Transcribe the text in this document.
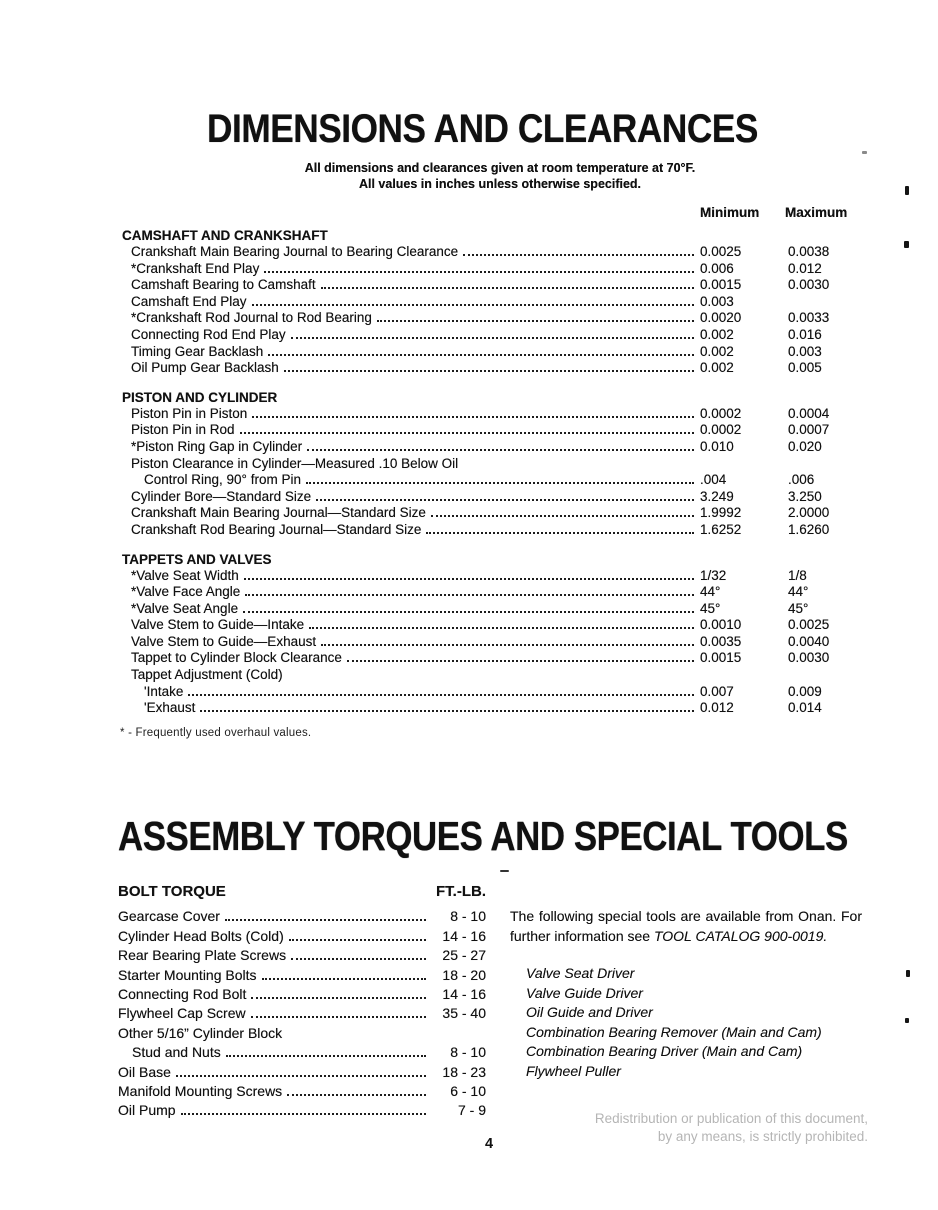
DIMENSIONS AND CLEARANCES
All dimensions and clearances given at room temperature at 70°F.
All values in inches unless otherwise specified.
Minimum Maximum
CAMSHAFT AND CRANKSHAFT
Crankshaft Main Bearing Journal to Bearing Clearance	0.0025	0.0038
*Crankshaft End Play	0.006	0.012
Camshaft Bearing to Camshaft	0.0015	0.0030
Camshaft End Play	0.003
*Crankshaft Rod Journal to Rod Bearing	0.0020	0.0033
Connecting Rod End Play	0.002	0.016
Timing Gear Backlash	0.002	0.003
Oil Pump Gear Backlash	0.002	0.005
PISTON AND CYLINDER
Piston Pin in Piston	0.0002	0.0004
Piston Pin in Rod	0.0002	0.0007
*Piston Ring Gap in Cylinder	0.010	0.020
Piston Clearance in Cylinder—Measured .10 Below Oil
Control Ring, 90° from Pin	.004	.006
Cylinder Bore—Standard Size	3.249	3.250
Crankshaft Main Bearing Journal—Standard Size	1.9992	2.0000
Crankshaft Rod Bearing Journal—Standard Size	1.6252	1.6260
TAPPETS AND VALVES
*Valve Seat Width	1/32	1/8
*Valve Face Angle	44°	44°
*Valve Seat Angle	45°	45°
Valve Stem to Guide—Intake	0.0010	0.0025
Valve Stem to Guide—Exhaust	0.0035	0.0040
Tappet to Cylinder Block Clearance	0.0015	0.0030
Tappet Adjustment (Cold)
'Intake	0.007	0.009
'Exhaust	0.012	0.014
* - Frequently used overhaul values.
ASSEMBLY TORQUES AND SPECIAL TOOLS
BOLT TORQUE	FT.-LB.
Gearcase Cover	8 - 10
Cylinder Head Bolts (Cold)	14 - 16
Rear Bearing Plate Screws	25 - 27
Starter Mounting Bolts	18 - 20
Connecting Rod Bolt	14 - 16
Flywheel Cap Screw	35 - 40
Other 5/16” Cylinder Block
Stud and Nuts	8 - 10
Oil Base	18 - 23
Manifold Mounting Screws	6 - 10
Oil Pump	7 - 9

The following special tools are available from Onan. For further information see TOOL CATALOG 900-0019.

Valve Seat Driver
Valve Guide Driver
Oil Guide and Driver
Combination Bearing Remover (Main and Cam)
Combination Bearing Driver (Main and Cam)
Flywheel Puller
Redistribution or publication of this document,
by any means, is strictly prohibited.
4
